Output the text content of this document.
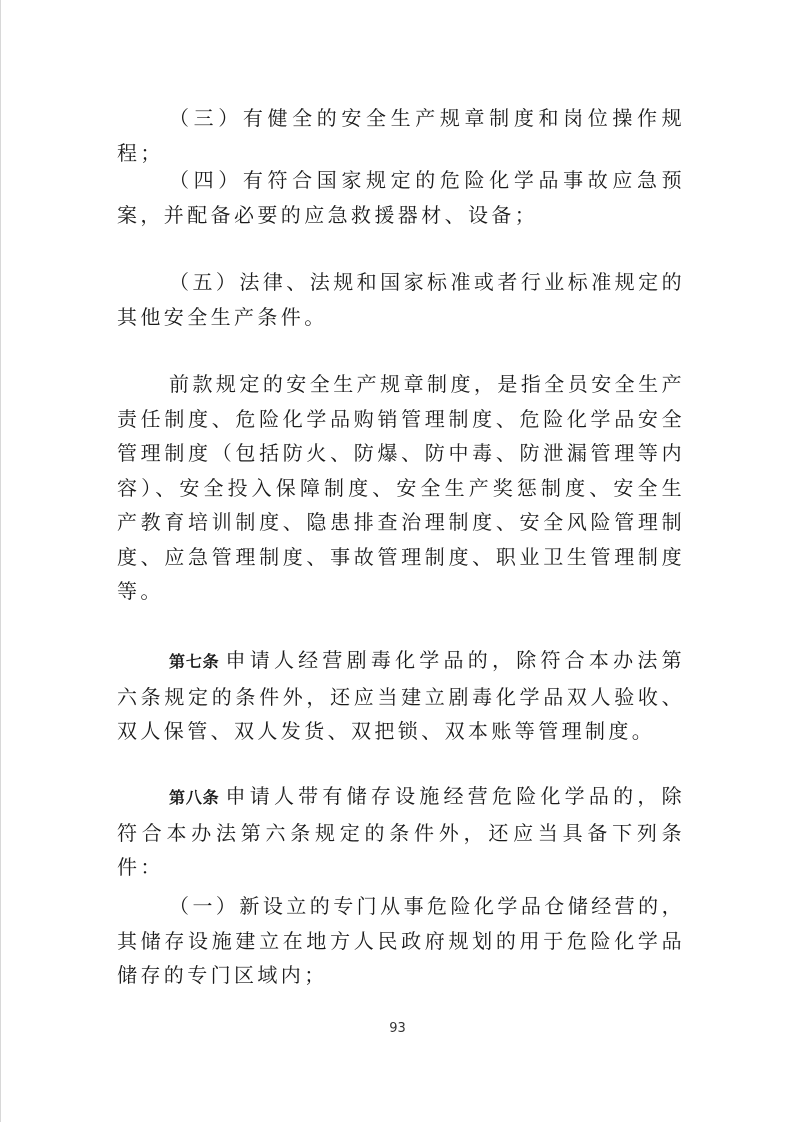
（三）有健全的安全生产规章制度和岗位操作规程；

（四）有符合国家规定的危险化学品事故应急预案，并配备必要的应急救援器材、设备；

（五）法律、法规和国家标准或者行业标准规定的其他安全生产条件。

前款规定的安全生产规章制度，是指全员安全生产责任制度、危险化学品购销管理制度、危险化学品安全管理制度（包括防火、防爆、防中毒、防泄漏管理等内容）、安全投入保障制度、安全生产奖惩制度、安全生产教育培训制度、隐患排查治理制度、安全风险管理制度、应急管理制度、事故管理制度、职业卫生管理制度等。

第七条 申请人经营剧毒化学品的，除符合本办法第六条规定的条件外，还应当建立剧毒化学品双人验收、双人保管、双人发货、双把锁、双本账等管理制度。

第八条 申请人带有储存设施经营危险化学品的，除符合本办法第六条规定的条件外，还应当具备下列条件：

（一）新设立的专门从事危险化学品仓储经营的，其储存设施建立在地方人民政府规划的用于危险化学品储存的专门区域内；

93
